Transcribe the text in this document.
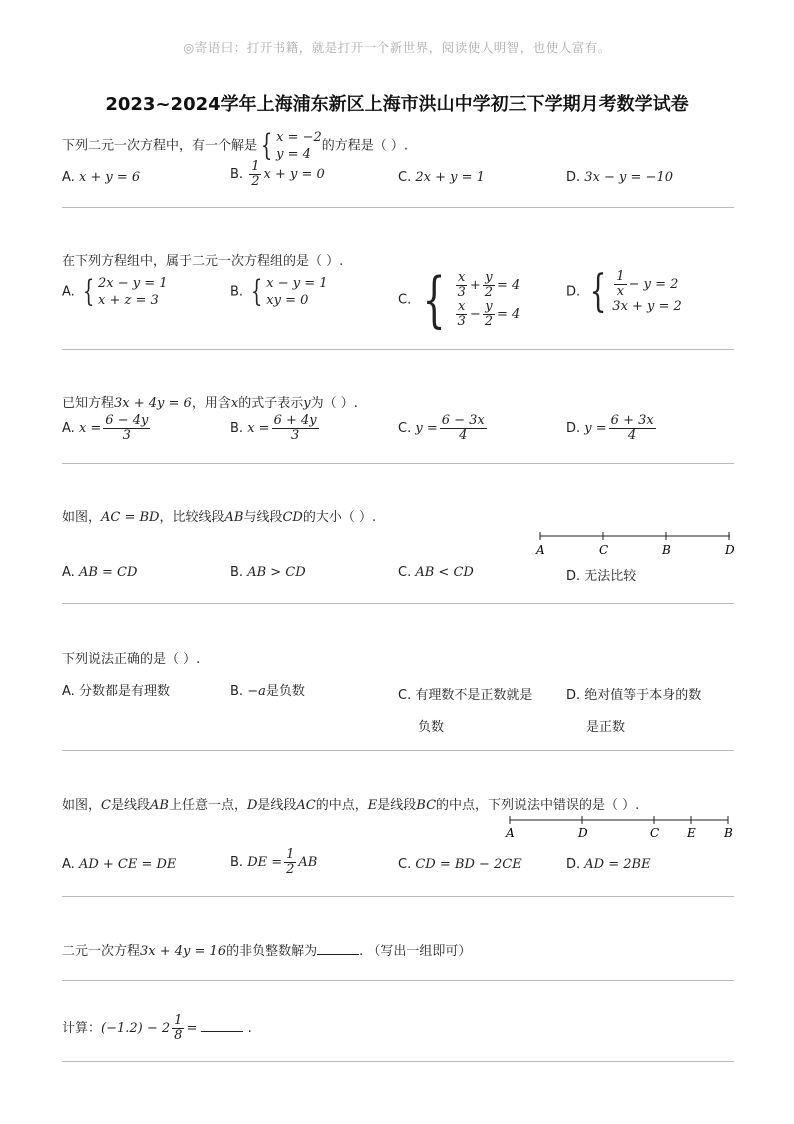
◎寄语曰：打开书籍，就是打开一个新世界，阅读使人明智，也使人富有。
2023~2024学年上海浦东新区上海市洪山中学初三下学期月考数学试卷
下列二元一次方程中，有一个解是 { x = −2
y = 4
的方程是（ ）.
A. x + y = 6	B. $\frac{1}{2}$ x + y = 0	C. 2x + y = 1	D. 3x − y = −10
在下列方程组中，属于二元一次方程组的是（ ）.
A. { 2x − y = 1
x + z = 3
B. { x − y = 1
xy = 0	C. { $\frac{x}{3} + \frac{y}{2} = 4$
$\frac{x}{3} - \frac{y}{2} = 4$
D. { $\frac{1}{x} - y = 2$
3x + y = 2
已知方程3x + 4y = 6，用含x的式子表示y为（ ）.
A. $x = \frac{6 - 4y}{3}$	B. $x = \frac{6 + 4y}{3}$	C. $y = \frac{6 - 3x}{4}$	D. $y = \frac{6 + 3x}{4}$
如图，AC = BD，比较线段AB与线段CD的大小（ ）.
A	C	B	D
A. AB = CD	B. AB > CD	C. AB < CD	D. 无法比较
下列说法正确的是（ ）.
A. 分数都是有理数	B. −a是负数	C. 有理数不是正数就是
负数
D. 绝对值等于本身的数
是正数
如图，C是线段AB上任意一点，D是线段AC的中点，E是线段BC的中点，下列说法中错误的是（ ）.
A	D	C E B
A. AD + CE = DE	B. DE = $\frac{1}{2}$ AB	C. CD = BD − 2CE	D. AD = 2BE
二元一次方程3x + 4y = 16的非负整数解为	. （写出一组即可）
计算：$(-1.2) - 2 \frac{1}{8}$ =	.
